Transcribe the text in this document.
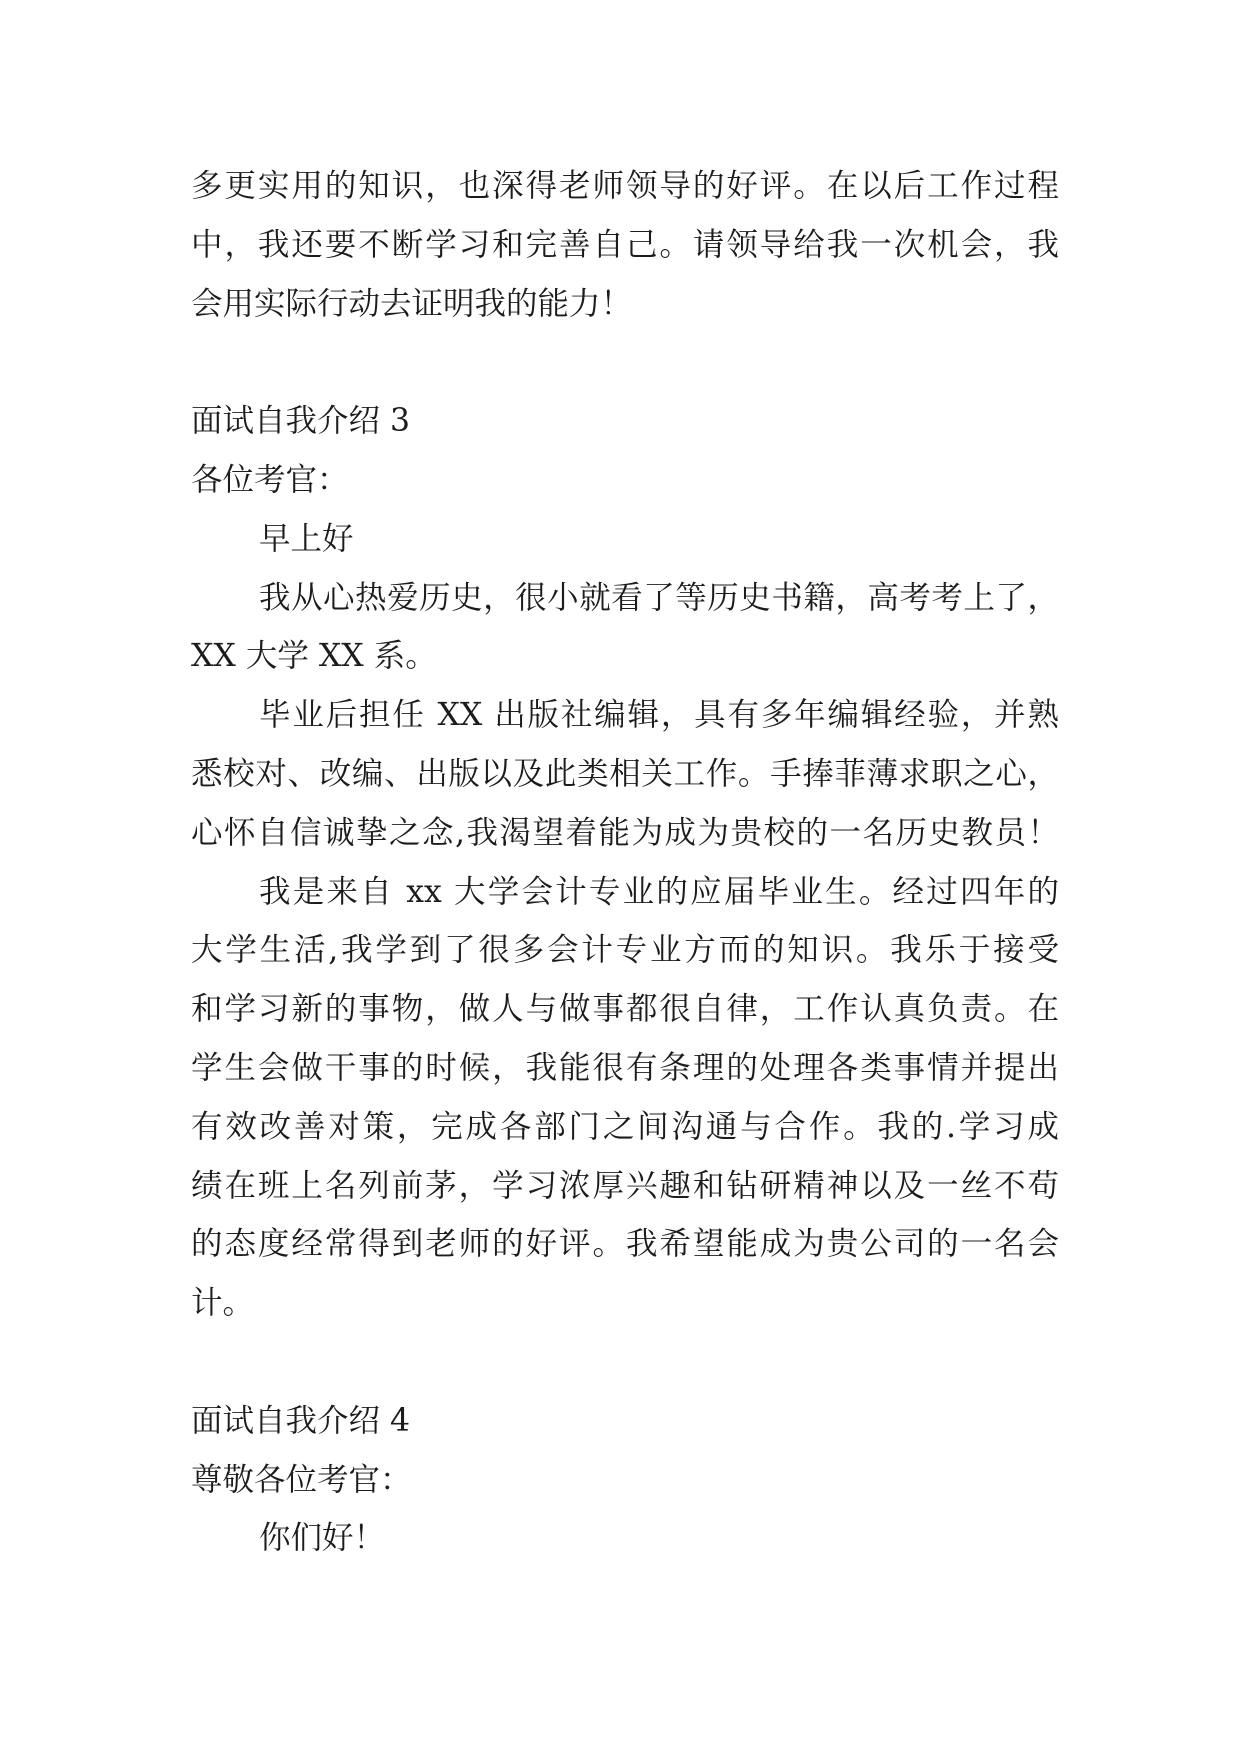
多更实用的知识，也深得老师领导的好评。在以后工作过程
中，我还要不断学习和完善自己。请领导给我一次机会，我
会用实际行动去证明我的能力！
面试自我介绍 3
各位考官：
早上好
我从心热爱历史，很小就看了等历史书籍，高考考上了，
XX 大学 XX 系。
毕业后担任 XX 出版社编辑，具有多年编辑经验，并熟
悉校对、改编、出版以及此类相关工作。手捧菲薄求职之心，
心怀自信诚挚之念,我渴望着能为成为贵校的一名历史教员！
我是来自 xx 大学会计专业的应届毕业生。经过四年的
大学生活,我学到了很多会计专业方而的知识。我乐于接受
和学习新的事物，做人与做事都很自律，工作认真负责。在
学生会做干事的时候，我能很有条理的处理各类事情并提出
有效改善对策，完成各部门之间沟通与合作。我的.学习成
绩在班上名列前茅，学习浓厚兴趣和钻研精神以及一丝不苟
的态度经常得到老师的好评。我希望能成为贵公司的一名会
计。
面试自我介绍 4
尊敬各位考官：
你们好！
